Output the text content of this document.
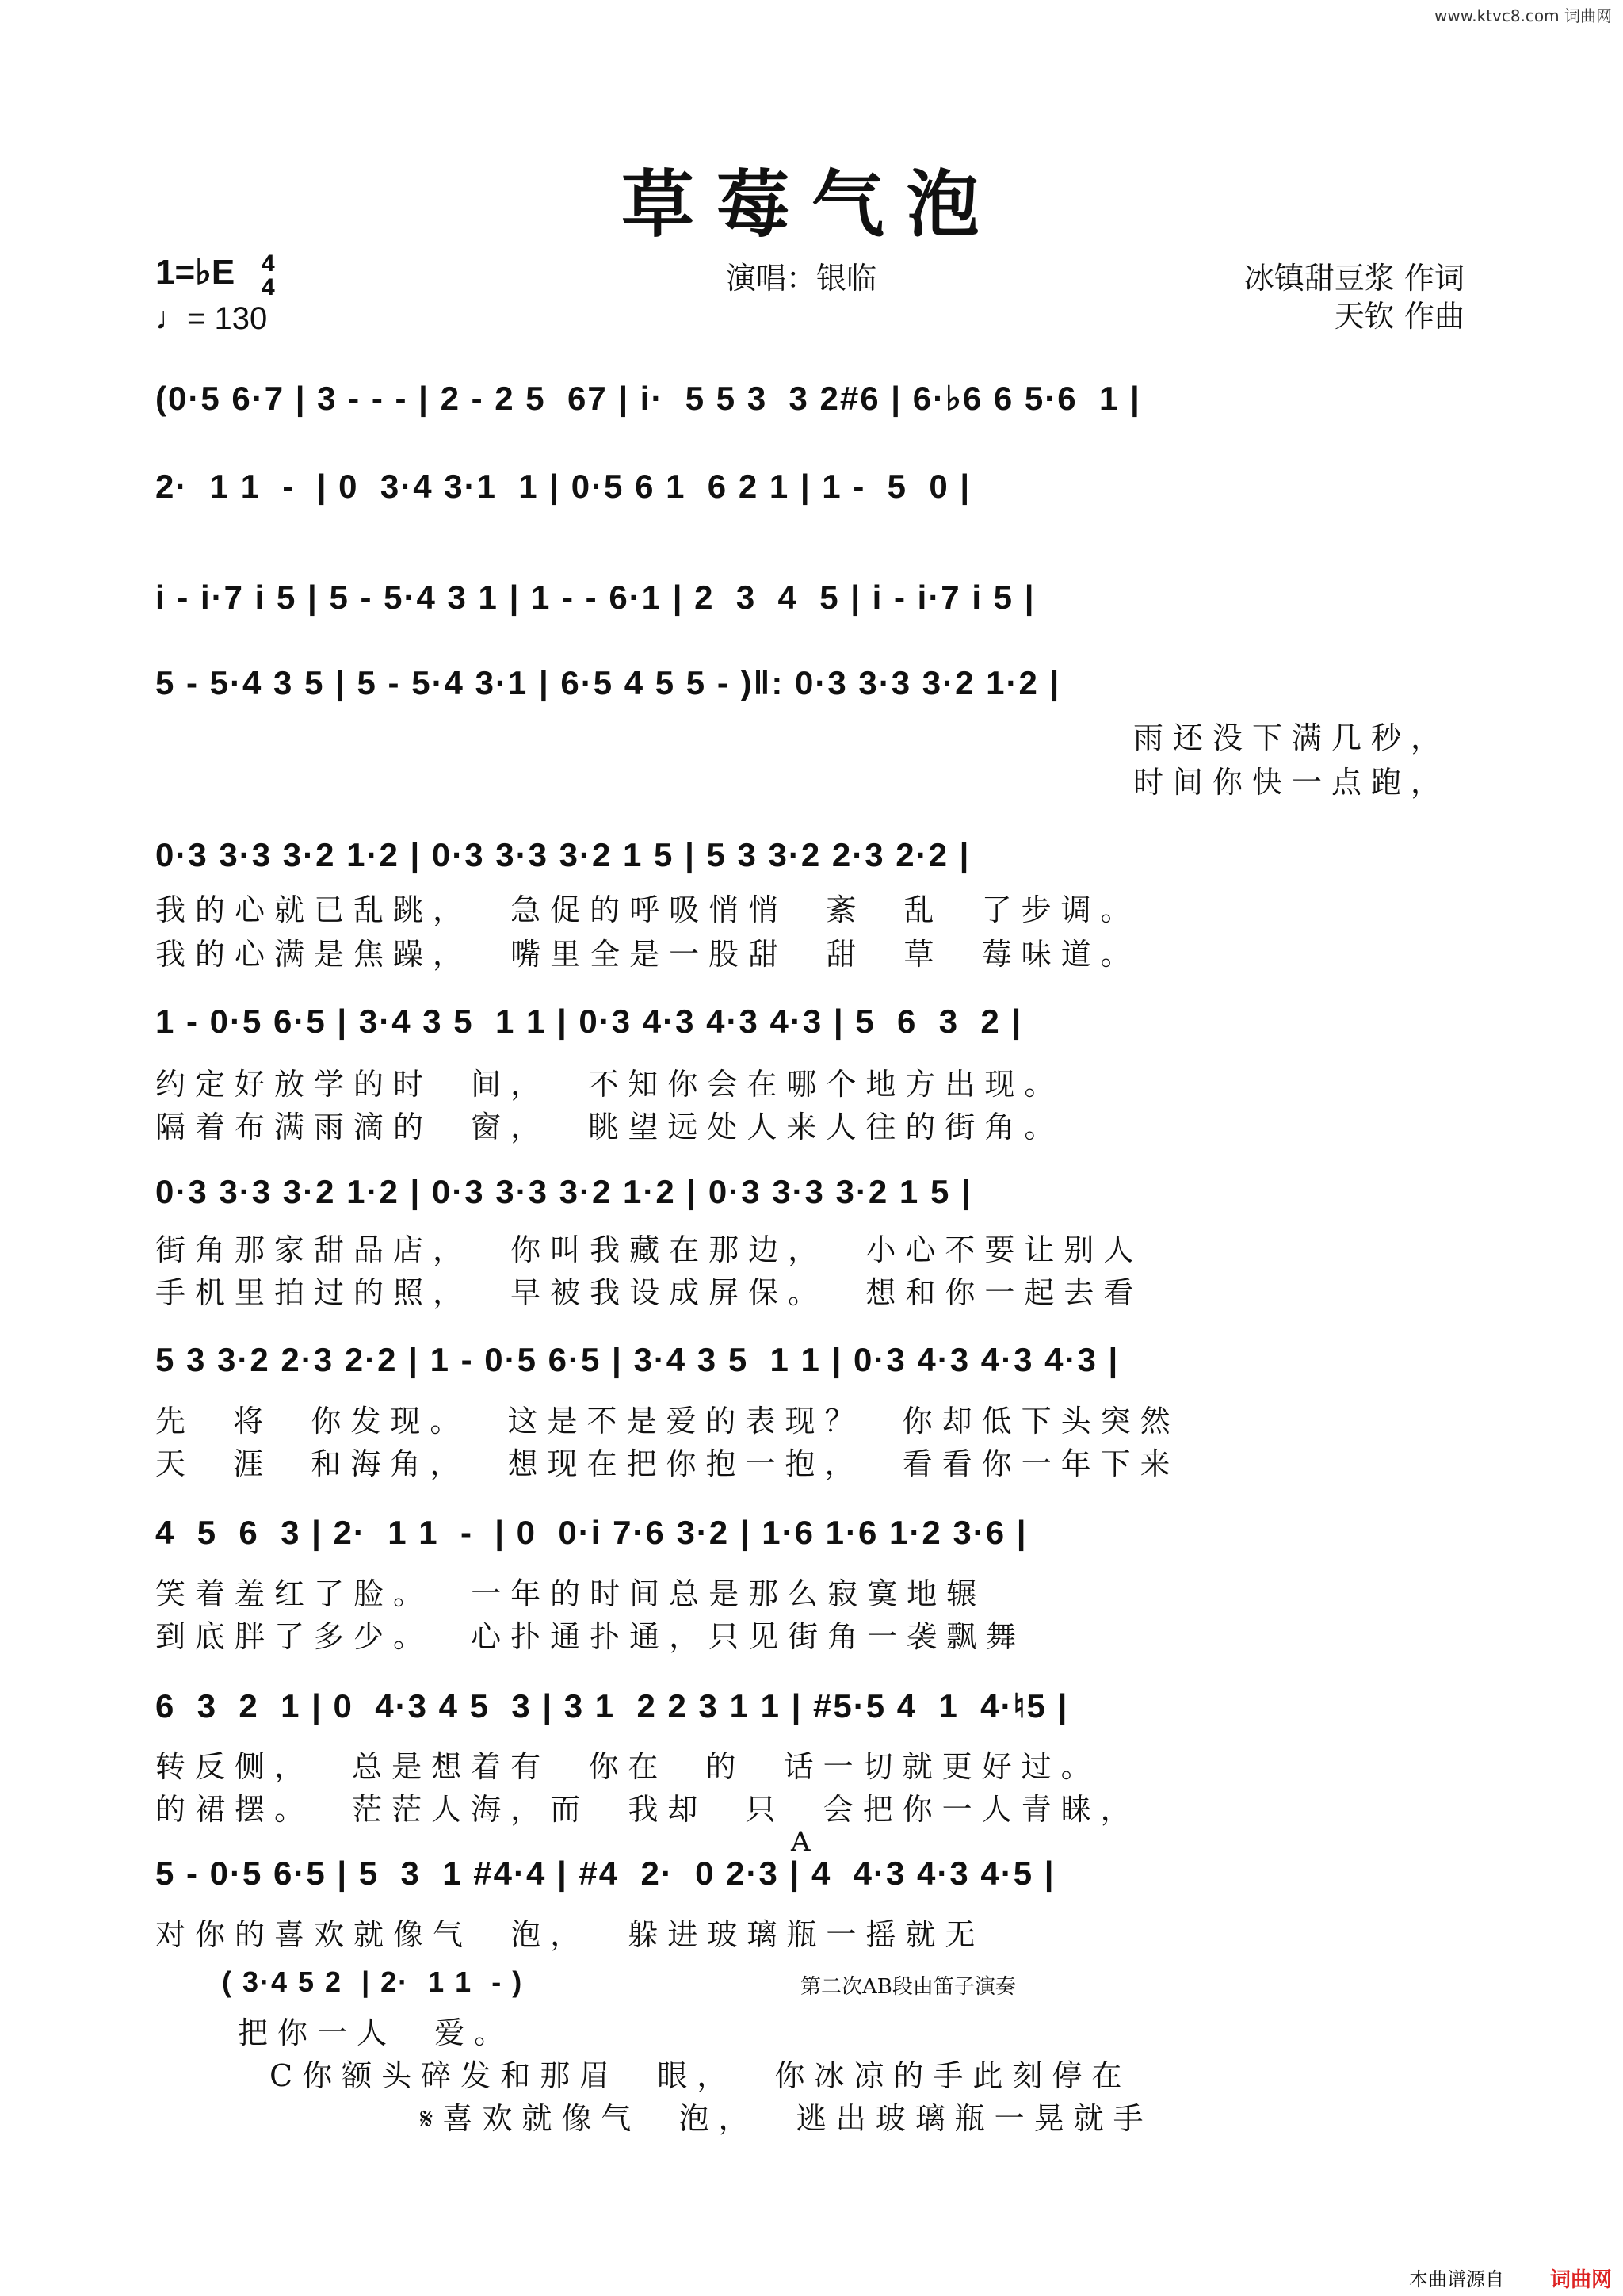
www.ktvc8.com 词曲网
草莓气泡
1=♭E 4
4
♩= 130
演唱：银临	冰镇甜豆浆 作词
天钦 作曲
(0·5 6·7 | 3 - - - | 2 - 2 5  67 | i·  5 5 3  3 2#6 | 6·♭6 6 5·6  1 |
2·  1 1  -  | 0  3·4 3·1  1 | 0·5 6 1  6 2 1 | 1 -  5  0 |
i - i·7 i 5 | 5 - 5·4 3 1 | 1 - - 6·1 | 2  3  4  5 | i - i·7 i 5 |
5 - 5·4 3 5 | 5 - 5·4 3·1 | 6·5 4 5 5 - )‖: 0·3 3·3 3·2 1·2 |
雨还没下满几秒，
时间你快一点跑，
0·3 3·3 3·2 1·2 | 0·3 3·3 3·2 1 5 | 5 3 3·2 2·3 2·2 |
我的心就已乱跳，  急促的呼吸悄悄  紊  乱  了步调。
我的心满是焦躁，  嘴里全是一股甜  甜  草  莓味道。
1 - 0·5 6·5 | 3·4 3 5  1 1 | 0·3 4·3 4·3 4·3 | 5  6  3  2 |
约定好放学的时  间，  不知你会在哪个地方出现。
隔着布满雨滴的  窗，  眺望远处人来人往的街角。
0·3 3·3 3·2 1·2 | 0·3 3·3 3·2 1·2 | 0·3 3·3 3·2 1 5 |
街角那家甜品店，  你叫我藏在那边，  小心不要让别人
手机里拍过的照，  早被我设成屏保。  想和你一起去看
5 3 3·2 2·3 2·2 | 1 - 0·5 6·5 | 3·4 3 5  1 1 | 0·3 4·3 4·3 4·3 |
先  将  你发现。  这是不是爱的表现？  你却低下头突然
天  涯  和海角，  想现在把你抱一抱，  看看你一年下来
4  5  6  3 | 2·  1 1  -  | 0  0·i 7·6 3·2 | 1·6 1·6 1·2 3·6 |
笑着羞红了脸。  一年的时间总是那么寂寞地辗
到底胖了多少。  心扑通扑通，只见街角一袭飘舞
6  3  2  1 | 0  4·3 4 5  3 | 3 1  2 2 3 1 1 | #5·5 4  1  4·♮5 |
转反侧，  总是想着有  你在  的  话一切就更好过。
的裙摆。  茫茫人海，而  我却  只  会把你一人青睐，
A
5 - 0·5 6·5 | 5  3  1 #4·4 | #4  2·  0 2·3 | 4  4·3 4·3 4·5 |
对你的喜欢就像气  泡，  躲进玻璃瓶一摇就无
( 3·4 5 2  | 2·  1 1  - )	第二次AB段由笛子演奏
把你一人  爱。
C你额头碎发和那眉  眼，  你冰凉的手此刻停在
𝄋喜欢就像气  泡，  逃出玻璃瓶一晃就手
本曲谱源自 词曲网
